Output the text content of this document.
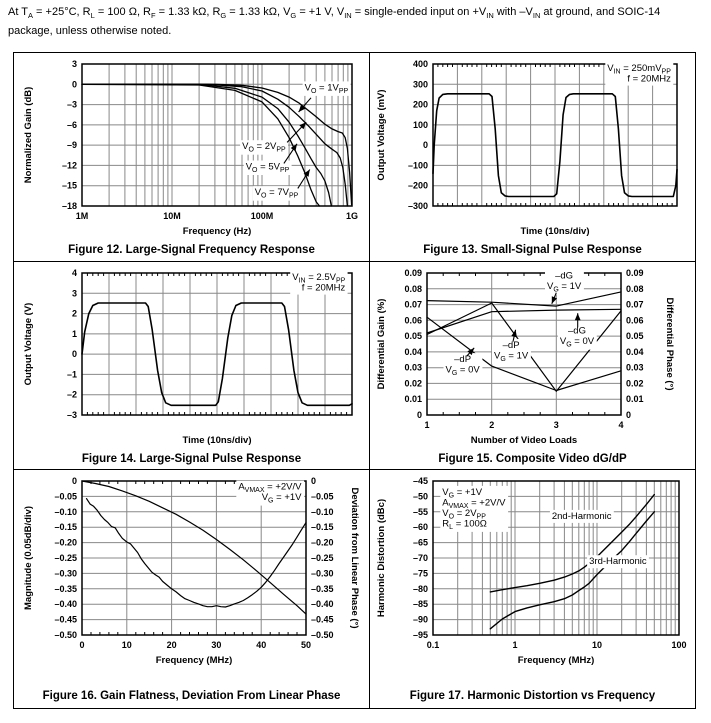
At $T_A = +25^\circ C$, $R_L = 100$ Ω, $R_F = 1.33$ kΩ, $R_G = 1.33$ kΩ, $V_G = +1$ V, $V_{IN}$ = single-ended input on $+V_{IN}$ with $-V_{IN}$ at ground, and SOIC-14 package, unless otherwise noted.
1M	10M	100M	1G
3
0
–3
–6
–9
–12
–15
–18
Normalized Gain (dB)
Frequency (Hz)
$V_O = 1V_{PP}$
$V_O = 2V_{PP}$
$V_O = 5V_{PP}$
$V_O = 7V_{PP}$
Figure 12. Large-Signal Frequency Response
400
300
200
100
0
–100
–200
–300
Output Voltage (mV)
Time (10ns/div)
$V_{IN} = 250mV_{PP}$
f = 20MHz
Figure 13. Small-Signal Pulse Response
4
3
2
1
0
–1
–2
–3
Output Voltage (V)
Time (10ns/div)
$V_{IN} = 2.5V_{PP}$
f = 20MHz
Figure 14. Large-Signal Pulse Response
1	2	3	4
0.09	0.09
0.08	0.08
0.07	0.07
0.06	0.06
0.05	0.05
0.04	0.04
0.03	0.03
0.02	0.02
0.01	0.01
0	0
Differential Gain (%)	Differential Phase (°)
Number of Video Loads
–dG
$V_G = 1V$
–dG
$V_G = 0V$
–dP
$V_G = 1V$
–dP
$V_G = 0V$
Figure 15. Composite Video dG/dP
0	10	20	30	40	50
0	0
–0.05	–0.05
–0.10	–0.10
–0.15	–0.15
–0.20	–0.20
–0.25	–0.25
–0.30	–0.30
–0.35	–0.35
–0.40	–0.40
–0.45	–0.45
–0.50	–0.50
Magnitude (0.05dB/div)	Deviation from Linear Phase (°)
Frequency (MHz)
$A_{VMAX} = +2V/V$
$V_G = +1V$
Figure 16. Gain Flatness, Deviation From Linear Phase
0.1	1	10	100
–45
–50
–55
–60
–65
–70
–75
–80
–85
–90
–95
Harmonic Distortion (dBc)
Frequency (MHz)
$V_G = +1V$
$A_{VMAX} = +2V/V$
$V_O = 2V_{PP}$
$R_L = 100\Omega$
2nd-Harmonic
3rd-Harmonic
Figure 17. Harmonic Distortion vs Frequency
